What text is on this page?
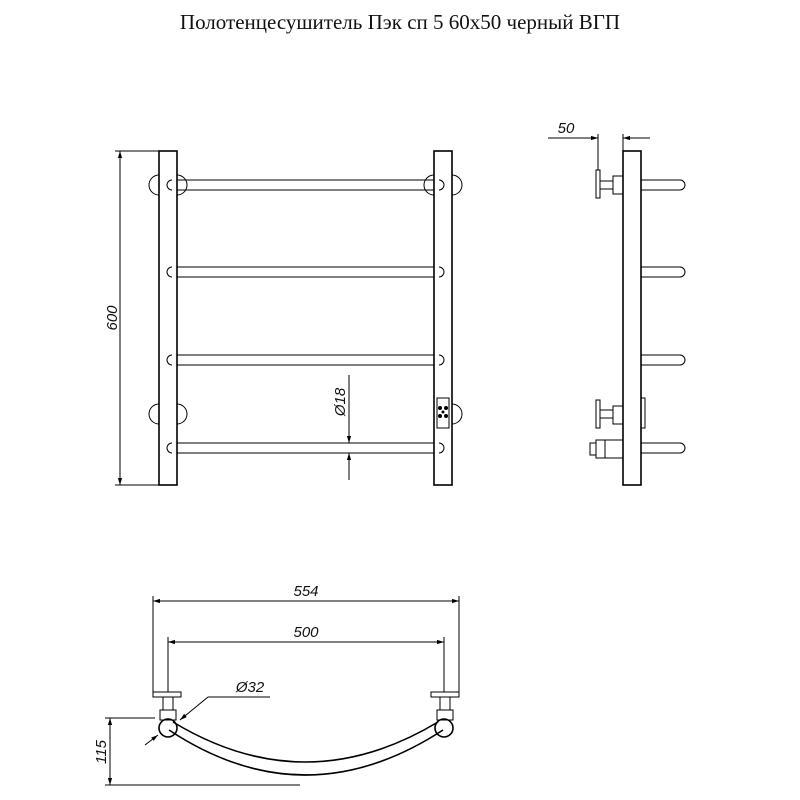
Полотенцесушитель Пэк сп 5 60x50 черный ВГП
600
Ø18
50
554
500
Ø32
115
